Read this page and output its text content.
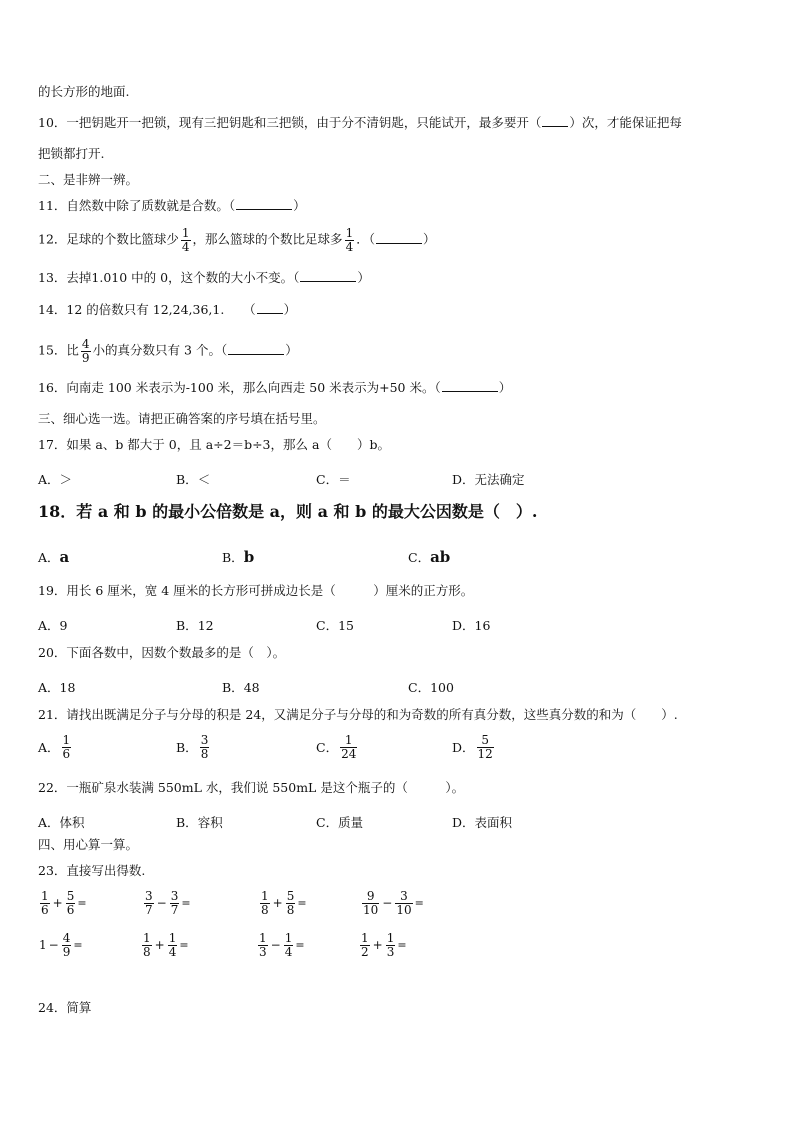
的长方形的地面.
10．一把钥匙开一把锁，现有三把钥匙和三把锁，由于分不清钥匙，只能试开，最多要开（ ）次，才能保证把每
把锁都打开.
二、是非辨一辨。
11．自然数中除了质数就是合数。（	）
12．足球的个数比篮球少 $\frac{1}{4}$ ，那么篮球的个数比足球多 $\frac{1}{4}$ ．（	）
13．去掉1.010 中的 0，这个数的大小不变。（	）
14．12 的倍数只有 12,24,36,1.　　（ ）
15．比 $\frac{4}{9}$ 小的真分数只有 3 个。（	）
16．向南走 100 米表示为-100 米，那么向西走 50 米表示为+50 米。（	）
三、细心选一选。请把正确答案的序号填在括号里。
17．如果 a、b 都大于 0，且 a÷2＝b÷3，那么 a（　　）b。
A．＞	B．＜	C．＝	D．无法确定
18．若 a 和 b 的最小公倍数是 a，则 a 和 b 的最大公因数是（　）.
A．a	B．b	C．ab
19．用长 6 厘米，宽 4 厘米的长方形可拼成边长是（　　　）厘米的正方形。
A．9	B．12	C．15	D．16
20．下面各数中，因数个数最多的是（　）。
A．18	B．48	C．100
21．请找出既满足分子与分母的积是 24，又满足分子与分母的和为奇数的所有真分数，这些真分数的和为（　　）.
A． $\frac{1}{6}$	B． $\frac{3}{8}$	C． $\frac{1}{24}$	D． $\frac{5}{12}$
22．一瓶矿泉水装满 550mL 水，我们说 550mL 是这个瓶子的（　　　）。
A．体积	B．容积	C．质量	D．表面积
四、用心算一算。
23．直接写出得数.
$\frac{1}{6} + \frac{5}{6}$ =	$\frac{3}{7} - \frac{3}{7}$ =	$\frac{1}{8} + \frac{5}{8}$ =	$\frac{9}{10} - \frac{3}{10}$ =
$1 - \frac{4}{9}$ =	$\frac{1}{8} + \frac{1}{4}$ =	$\frac{1}{3} - \frac{1}{4}$ =	$\frac{1}{2} + \frac{1}{3}$ =
24．简算
